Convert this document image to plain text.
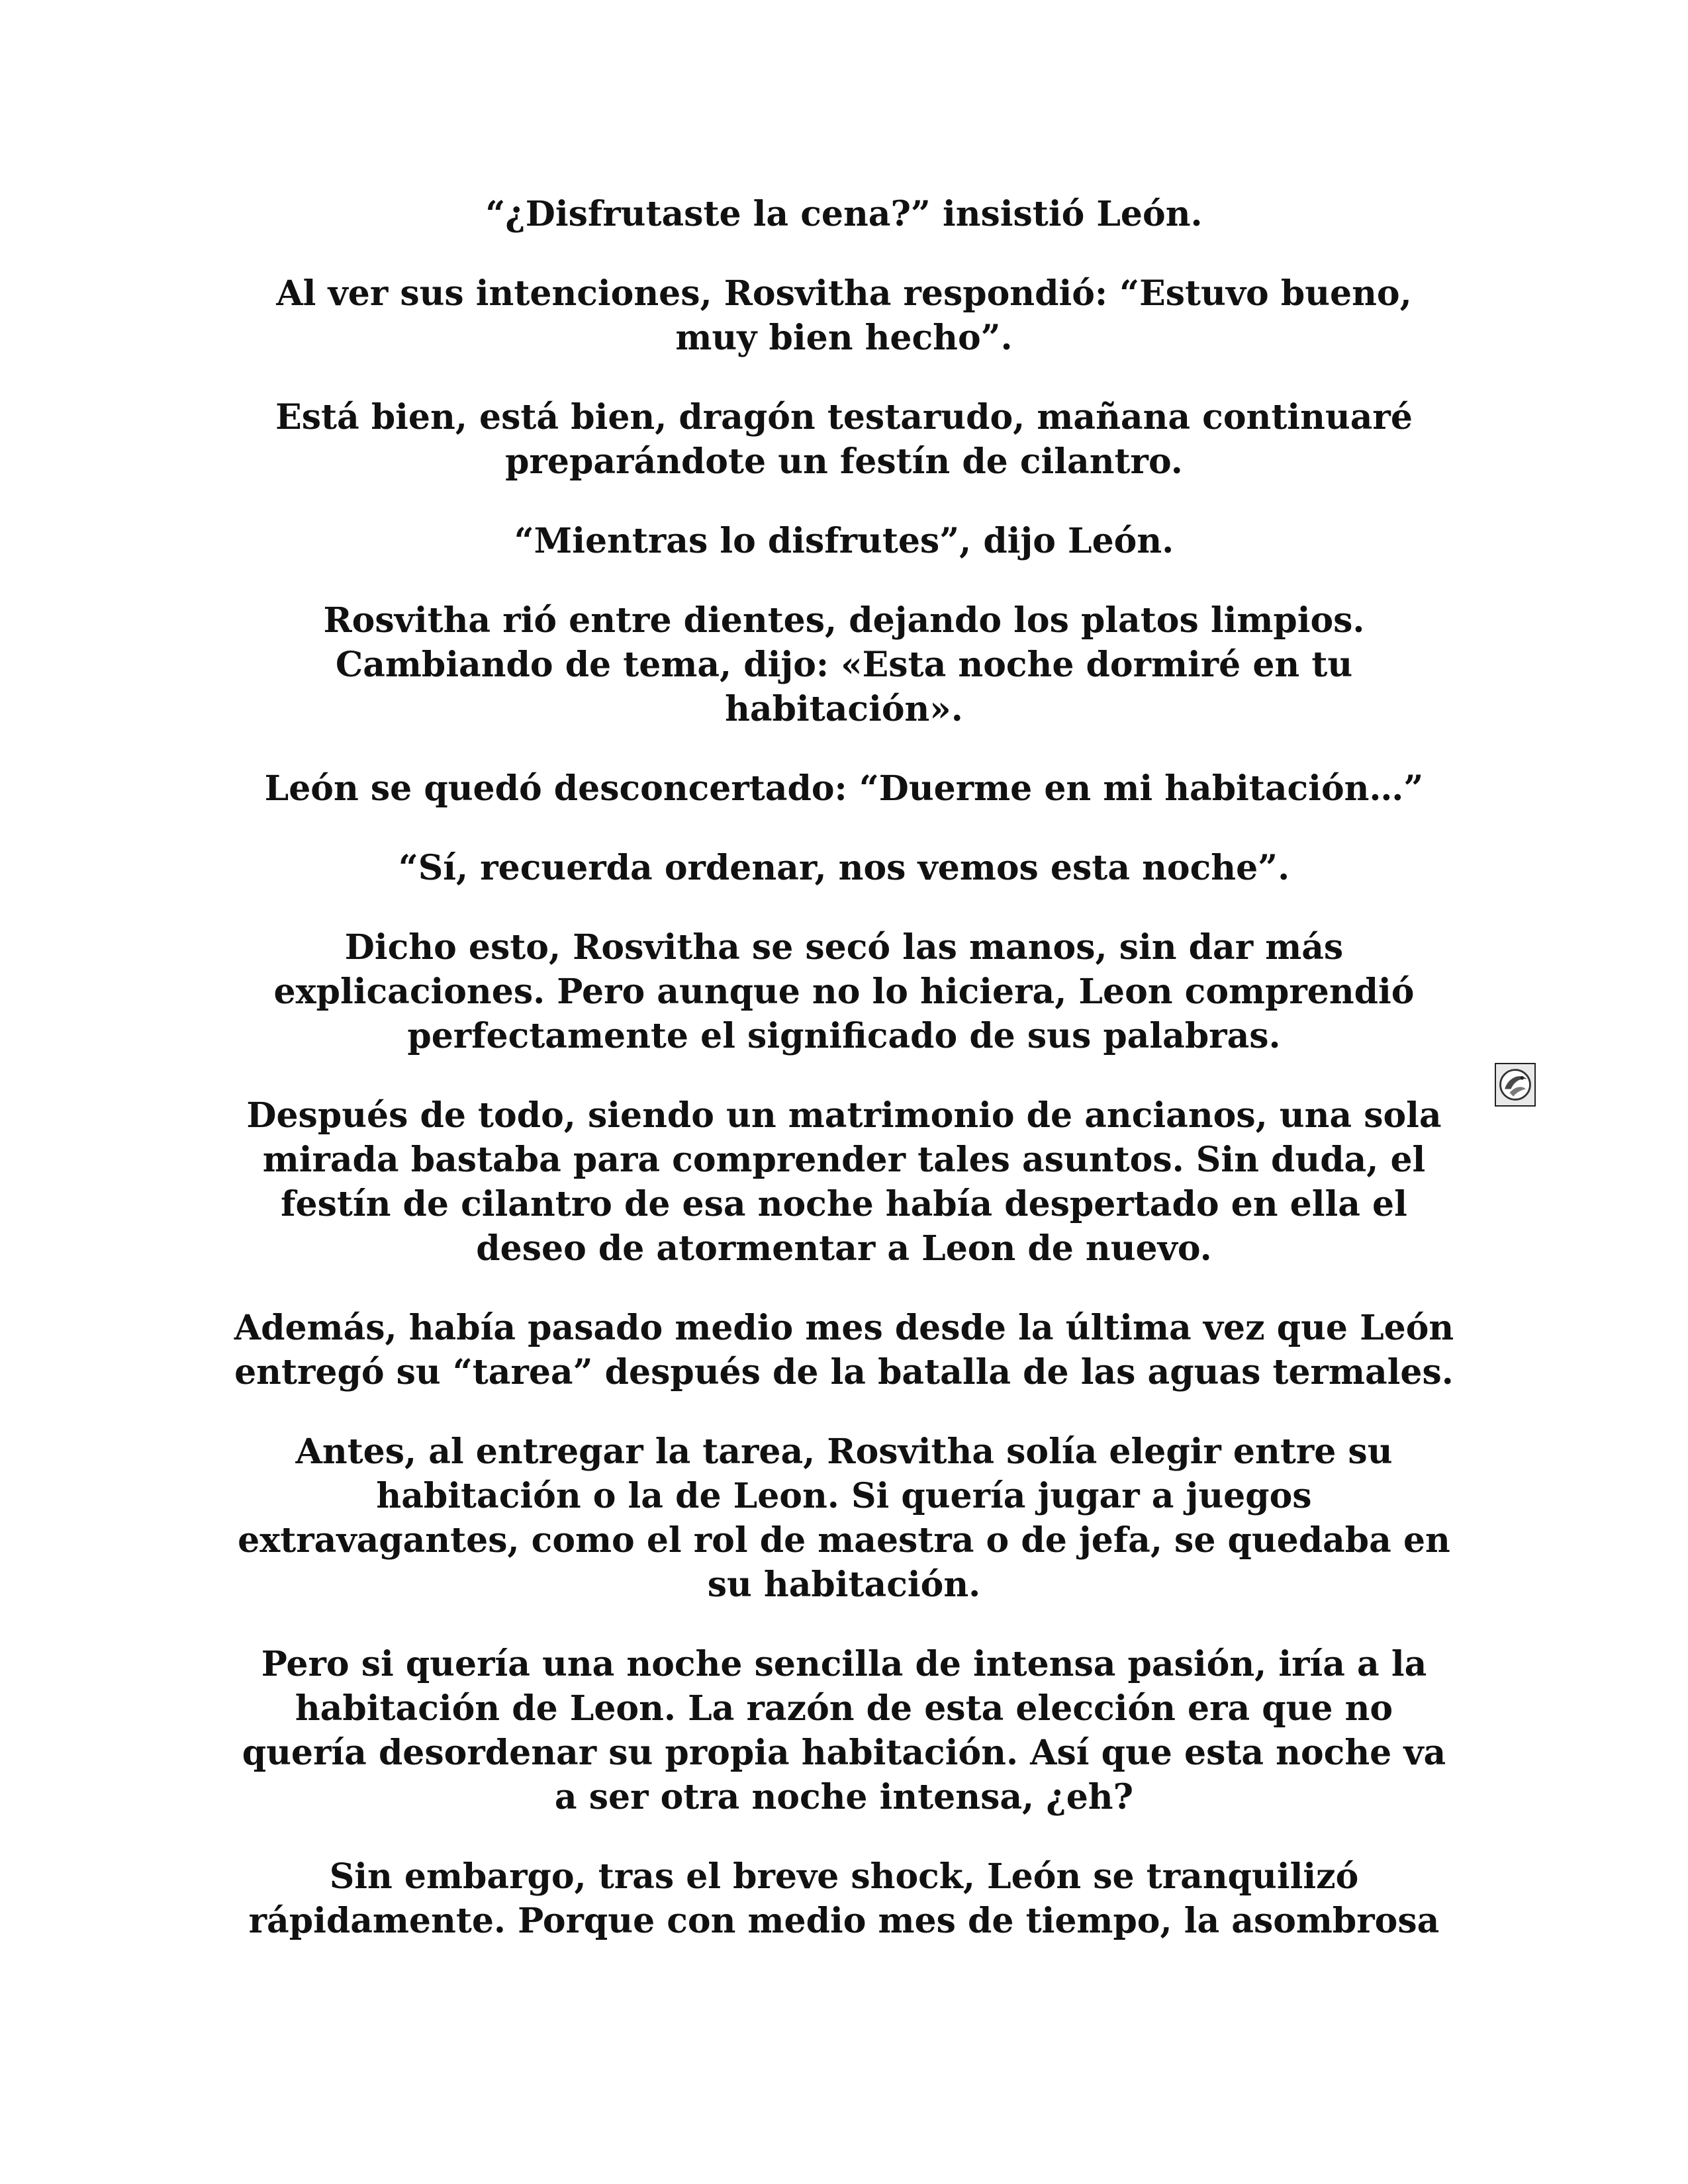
“¿Disfrutaste la cena?” insistió León.

Al ver sus intenciones, Rosvitha respondió: “Estuvo bueno,
muy bien hecho”.

Está bien, está bien, dragón testarudo, mañana continuaré
preparándote un festín de cilantro.

“Mientras lo disfrutes”, dijo León.

Rosvitha rió entre dientes, dejando los platos limpios.
Cambiando de tema, dijo: «Esta noche dormiré en tu
habitación».

León se quedó desconcertado: “Duerme en mi habitación…”

“Sí, recuerda ordenar, nos vemos esta noche”.

Dicho esto, Rosvitha se secó las manos, sin dar más
explicaciones. Pero aunque no lo hiciera, Leon comprendió
perfectamente el significado de sus palabras.

Después de todo, siendo un matrimonio de ancianos, una sola
mirada bastaba para comprender tales asuntos. Sin duda, el
festín de cilantro de esa noche había despertado en ella el
deseo de atormentar a Leon de nuevo.

Además, había pasado medio mes desde la última vez que León
entregó su “tarea” después de la batalla de las aguas termales.

Antes, al entregar la tarea, Rosvitha solía elegir entre su
habitación o la de Leon. Si quería jugar a juegos
extravagantes, como el rol de maestra o de jefa, se quedaba en
su habitación.

Pero si quería una noche sencilla de intensa pasión, iría a la
habitación de Leon. La razón de esta elección era que no
quería desordenar su propia habitación. Así que esta noche va
a ser otra noche intensa, ¿eh?

Sin embargo, tras el breve shock, León se tranquilizó
rápidamente. Porque con medio mes de tiempo, la asombrosa
